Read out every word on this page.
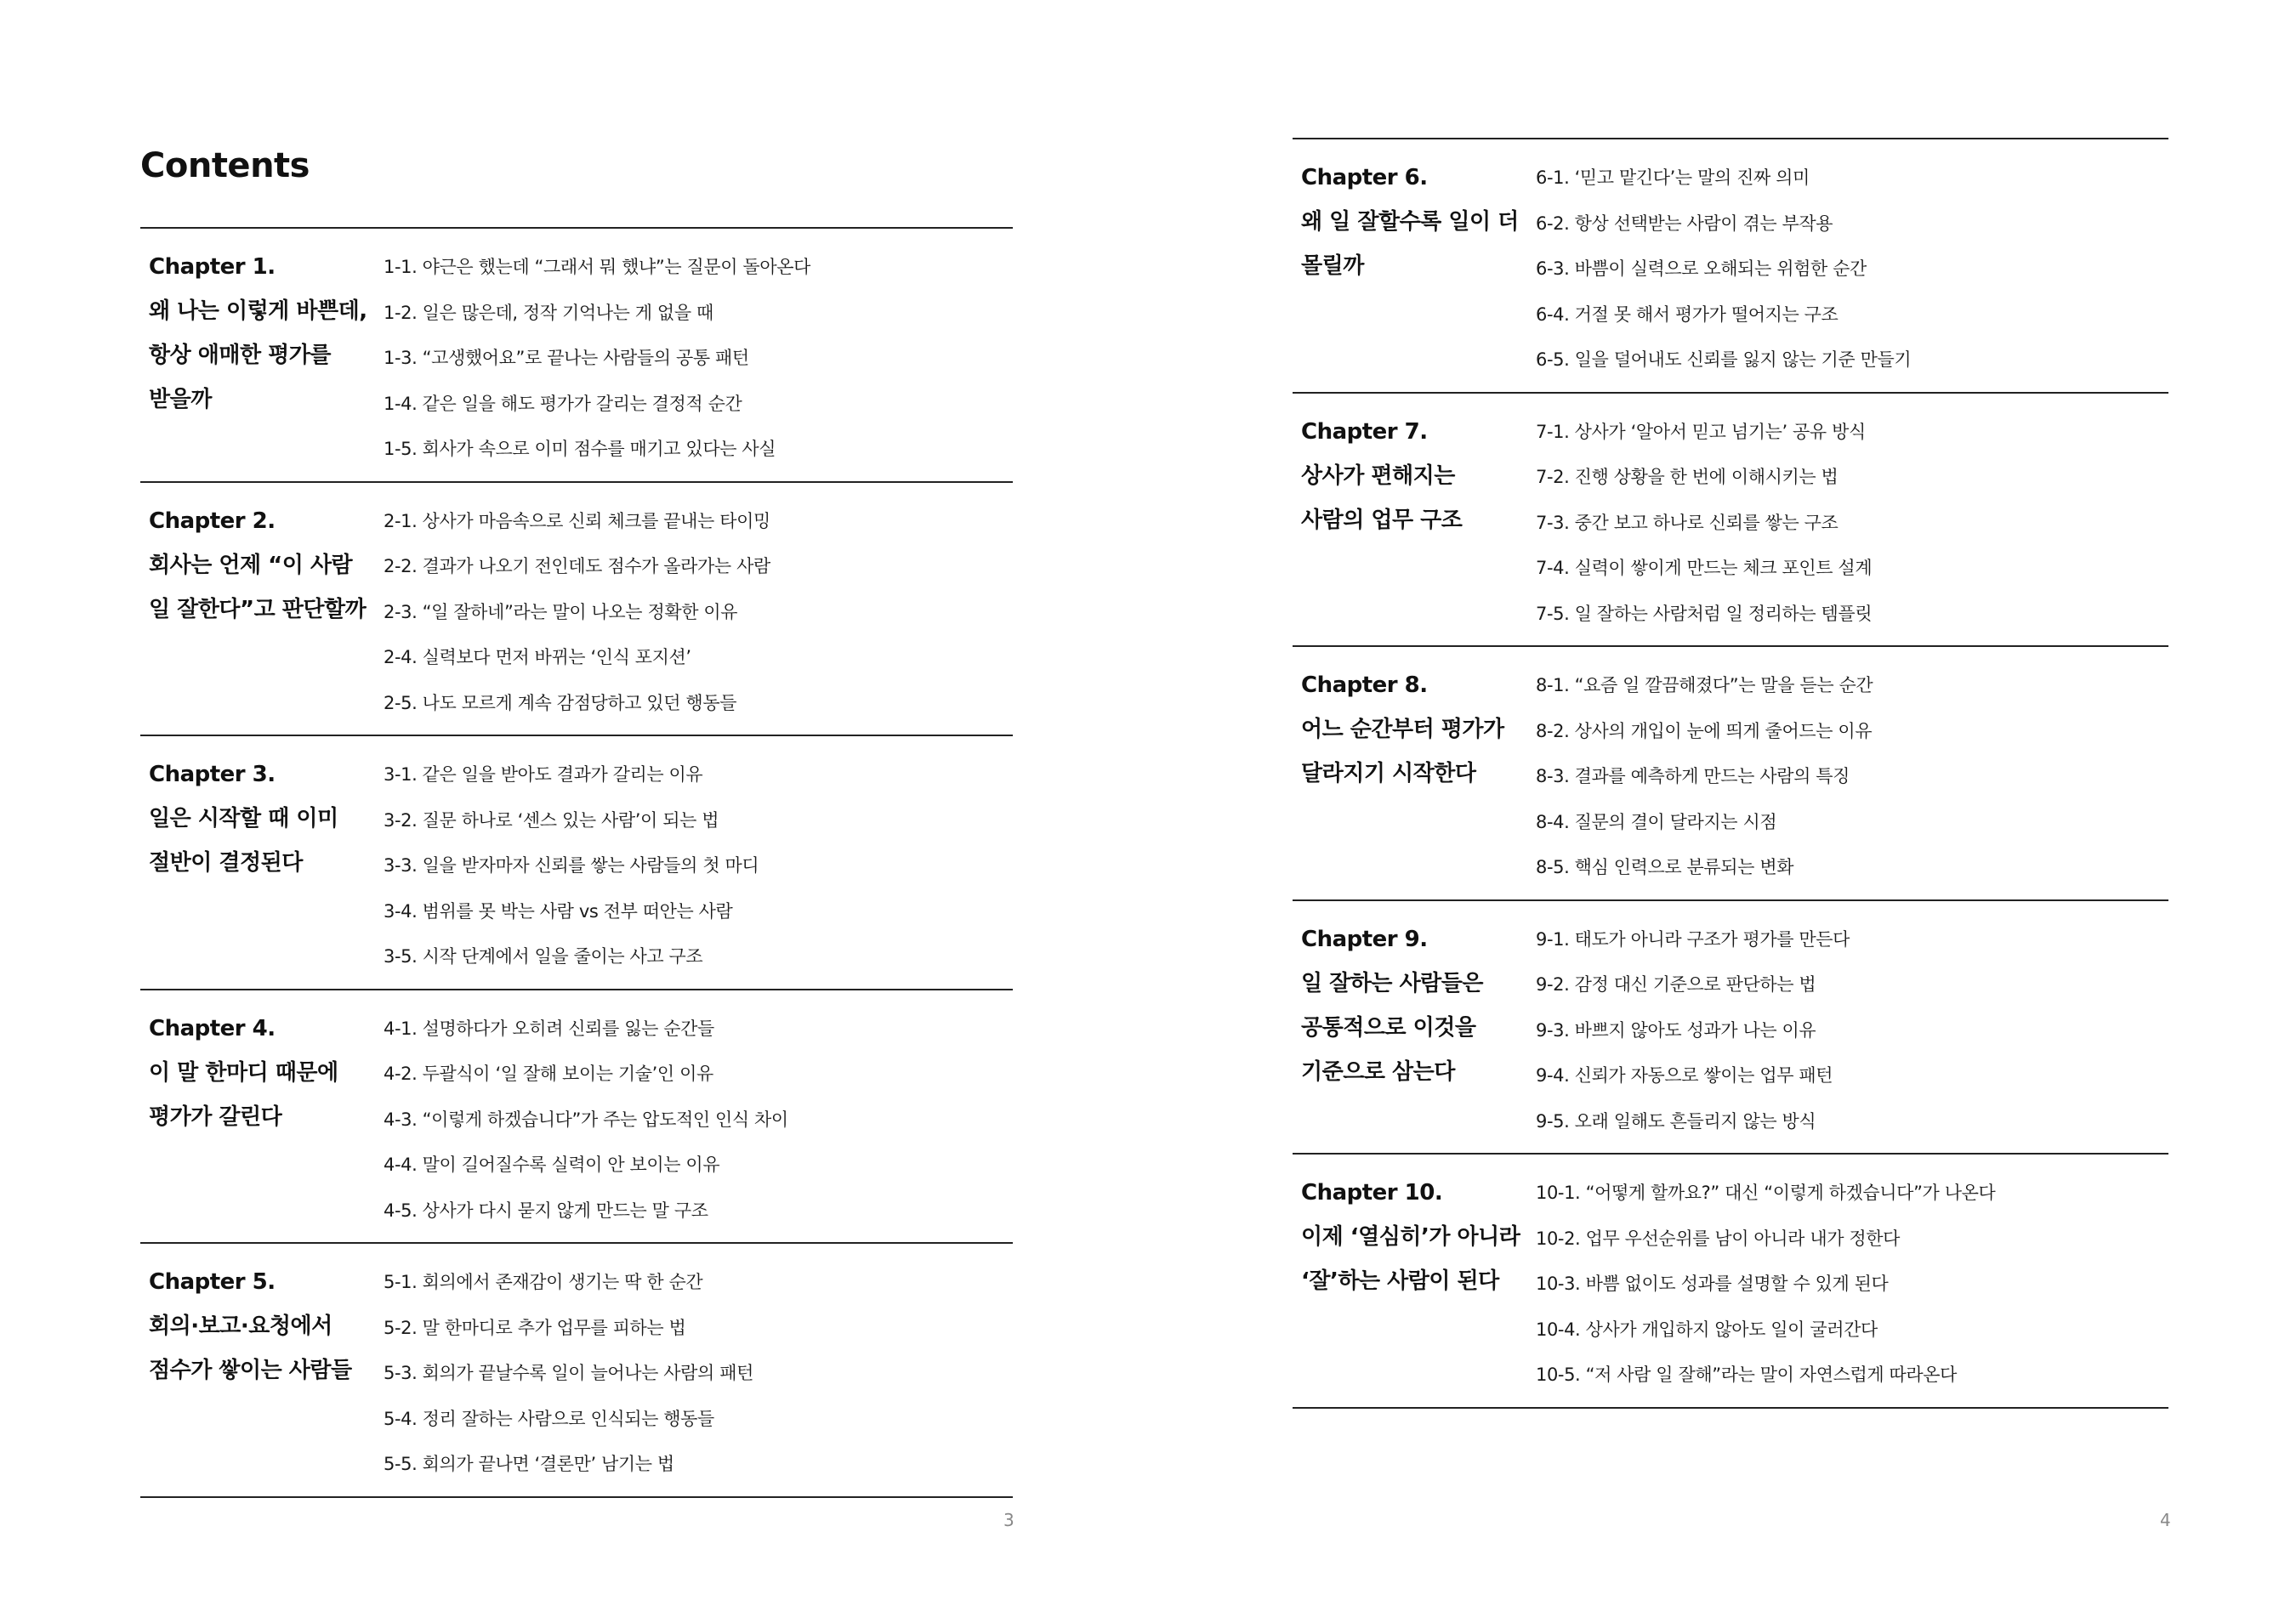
Contents
Chapter 1.
왜 나는 이렇게 바쁜데,
항상 애매한 평가를
받을까
1-1. 야근은 했는데 “그래서 뭐 했냐”는 질문이 돌아온다
1-2. 일은 많은데, 정작 기억나는 게 없을 때
1-3. “고생했어요”로 끝나는 사람들의 공통 패턴
1-4. 같은 일을 해도 평가가 갈리는 결정적 순간
1-5. 회사가 속으로 이미 점수를 매기고 있다는 사실
Chapter 2.
회사는 언제 “이 사람
일 잘한다”고 판단할까
2-1. 상사가 마음속으로 신뢰 체크를 끝내는 타이밍
2-2. 결과가 나오기 전인데도 점수가 올라가는 사람
2-3. “일 잘하네”라는 말이 나오는 정확한 이유
2-4. 실력보다 먼저 바뀌는 ‘인식 포지션’
2-5. 나도 모르게 계속 감점당하고 있던 행동들
Chapter 3.
일은 시작할 때 이미
절반이 결정된다
3-1. 같은 일을 받아도 결과가 갈리는 이유
3-2. 질문 하나로 ‘센스 있는 사람’이 되는 법
3-3. 일을 받자마자 신뢰를 쌓는 사람들의 첫 마디
3-4. 범위를 못 박는 사람 vs 전부 떠안는 사람
3-5. 시작 단계에서 일을 줄이는 사고 구조
Chapter 4.
이 말 한마디 때문에
평가가 갈린다
4-1. 설명하다가 오히려 신뢰를 잃는 순간들
4-2. 두괄식이 ‘일 잘해 보이는 기술’인 이유
4-3. “이렇게 하겠습니다”가 주는 압도적인 인식 차이
4-4. 말이 길어질수록 실력이 안 보이는 이유
4-5. 상사가 다시 묻지 않게 만드는 말 구조
Chapter 5.
회의·보고·요청에서
점수가 쌓이는 사람들
5-1. 회의에서 존재감이 생기는 딱 한 순간
5-2. 말 한마디로 추가 업무를 피하는 법
5-3. 회의가 끝날수록 일이 늘어나는 사람의 패턴
5-4. 정리 잘하는 사람으로 인식되는 행동들
5-5. 회의가 끝나면 ‘결론만’ 남기는 법
3
Chapter 6.
왜 일 잘할수록 일이 더
몰릴까
6-1. ‘믿고 맡긴다’는 말의 진짜 의미
6-2. 항상 선택받는 사람이 겪는 부작용
6-3. 바쁨이 실력으로 오해되는 위험한 순간
6-4. 거절 못 해서 평가가 떨어지는 구조
6-5. 일을 덜어내도 신뢰를 잃지 않는 기준 만들기
Chapter 7.
상사가 편해지는
사람의 업무 구조
7-1. 상사가 ‘알아서 믿고 넘기는’ 공유 방식
7-2. 진행 상황을 한 번에 이해시키는 법
7-3. 중간 보고 하나로 신뢰를 쌓는 구조
7-4. 실력이 쌓이게 만드는 체크 포인트 설계
7-5. 일 잘하는 사람처럼 일 정리하는 템플릿
Chapter 8.
어느 순간부터 평가가
달라지기 시작한다
8-1. “요즘 일 깔끔해졌다”는 말을 듣는 순간
8-2. 상사의 개입이 눈에 띄게 줄어드는 이유
8-3. 결과를 예측하게 만드는 사람의 특징
8-4. 질문의 결이 달라지는 시점
8-5. 핵심 인력으로 분류되는 변화
Chapter 9.
일 잘하는 사람들은
공통적으로 이것을
기준으로 삼는다
9-1. 태도가 아니라 구조가 평가를 만든다
9-2. 감정 대신 기준으로 판단하는 법
9-3. 바쁘지 않아도 성과가 나는 이유
9-4. 신뢰가 자동으로 쌓이는 업무 패턴
9-5. 오래 일해도 흔들리지 않는 방식
Chapter 10.
이제 ‘열심히’가 아니라
‘잘’하는 사람이 된다
10-1. “어떻게 할까요?” 대신 “이렇게 하겠습니다”가 나온다
10-2. 업무 우선순위를 남이 아니라 내가 정한다
10-3. 바쁨 없이도 성과를 설명할 수 있게 된다
10-4. 상사가 개입하지 않아도 일이 굴러간다
10-5. “저 사람 일 잘해”라는 말이 자연스럽게 따라온다
4
